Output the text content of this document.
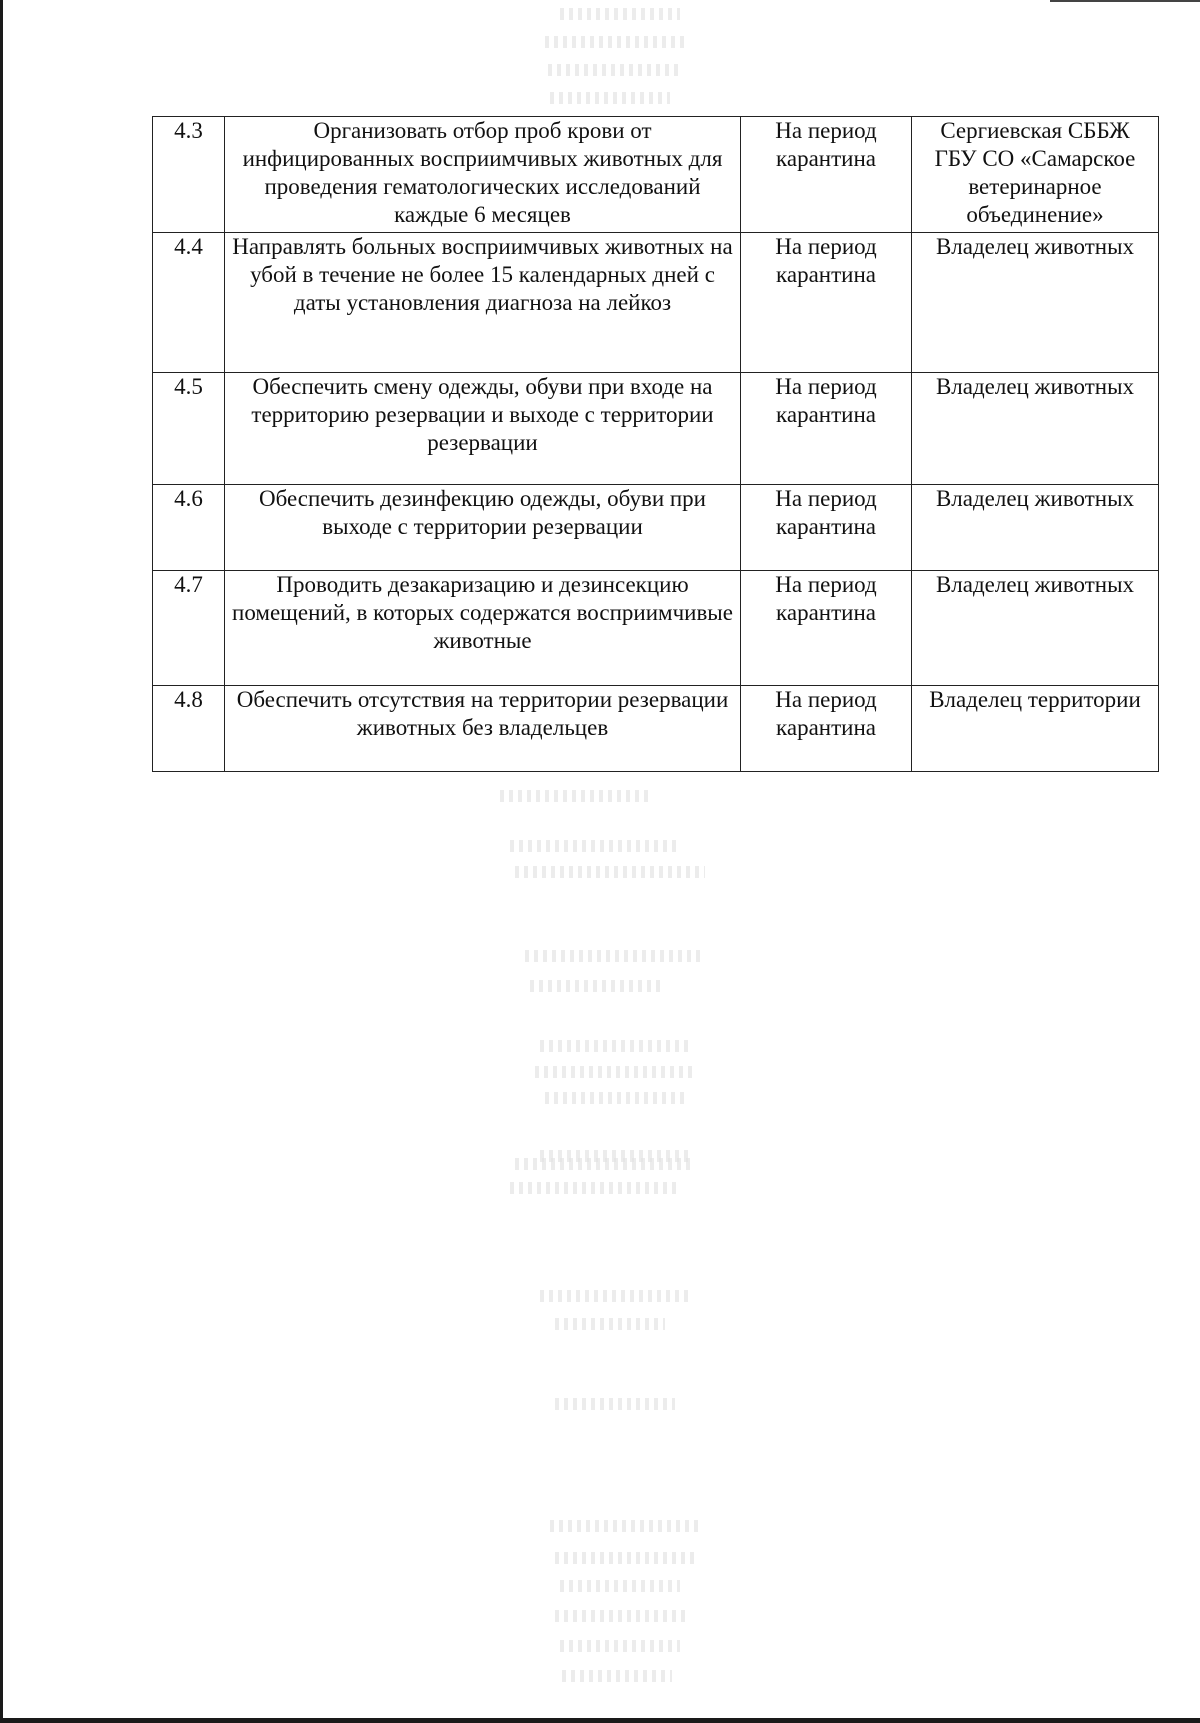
4.3	Организовать отбор проб крови от инфицированных восприимчивых животных для проведения гематологических исследований каждые 6 месяцев	На период карантина	Сергиевская СББЖ ГБУ СО «Самарское ветеринарное объединение»
4.4	Направлять больных восприимчивых животных на убой в течение не более 15 календарных дней с даты установления диагноза на лейкоз	На период карантина	Владелец животных
4.5	Обеспечить смену одежды, обуви при входе на территорию резервации и выходе с территории резервации	На период карантина	Владелец животных
4.6	Обеспечить дезинфекцию одежды, обуви при выходе с территории резервации	На период карантина	Владелец животных
4.7	Проводить дезакаризацию и дезинсекцию помещений, в которых содержатся восприимчивые животные	На период карантина	Владелец животных
4.8	Обеспечить отсутствия на территории резервации животных без владельцев	На период карантина	Владелец территории
